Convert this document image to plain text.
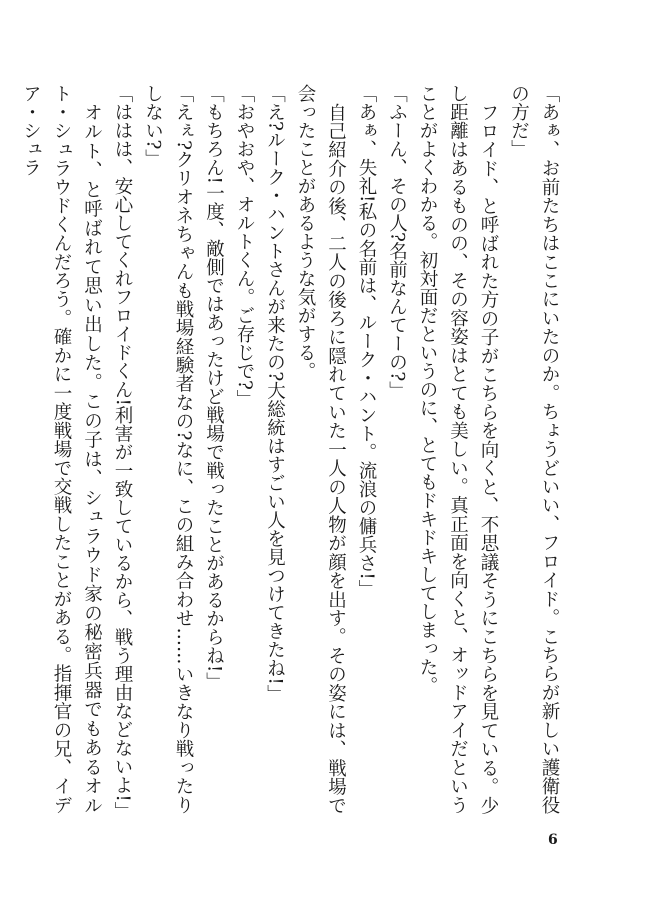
「あぁ、お前たちはここにいたのか。ちょうどいい、フロイド。こちらが新しい護衛役の方だ」

フロイド、と呼ばれた方の子がこちらを向くと、不思議そうにこちらを見ている。少し距離はあるものの、その容姿はとても美しい。真正面を向くと、オッドアイだということがよくわかる。初対面だというのに、とてもドキドキしてしまった。

「ふーん、その人?名前なんてーの?」

「あぁ、失礼!私の名前は、ルーク・ハント。流浪の傭兵さ!」

自己紹介の後、二人の後ろに隠れていた一人の人物が顔を出す。その姿には、戦場で会ったことがあるような気がする。

「え?ルーク・ハントさんが来たの?大総統はすごい人を見つけてきたね!」

「おやおや、オルトくん。ご存じで?」

「もちろん!一度、敵側ではあったけど戦場で戦ったことがあるからね!」

「えぇ?クリオネちゃんも戦場経験者なの?なに、この組み合わせ……いきなり戦ったりしない?」

「ははは、安心してくれフロイドくん!利害が一致しているから、戦う理由などないよ!」

オルト、と呼ばれて思い出した。この子は、シュラウド家の秘密兵器でもあるオルト・シュラウドくんだろう。確かに一度戦場で交戦したことがある。指揮官の兄、イデア・シュラ

6
